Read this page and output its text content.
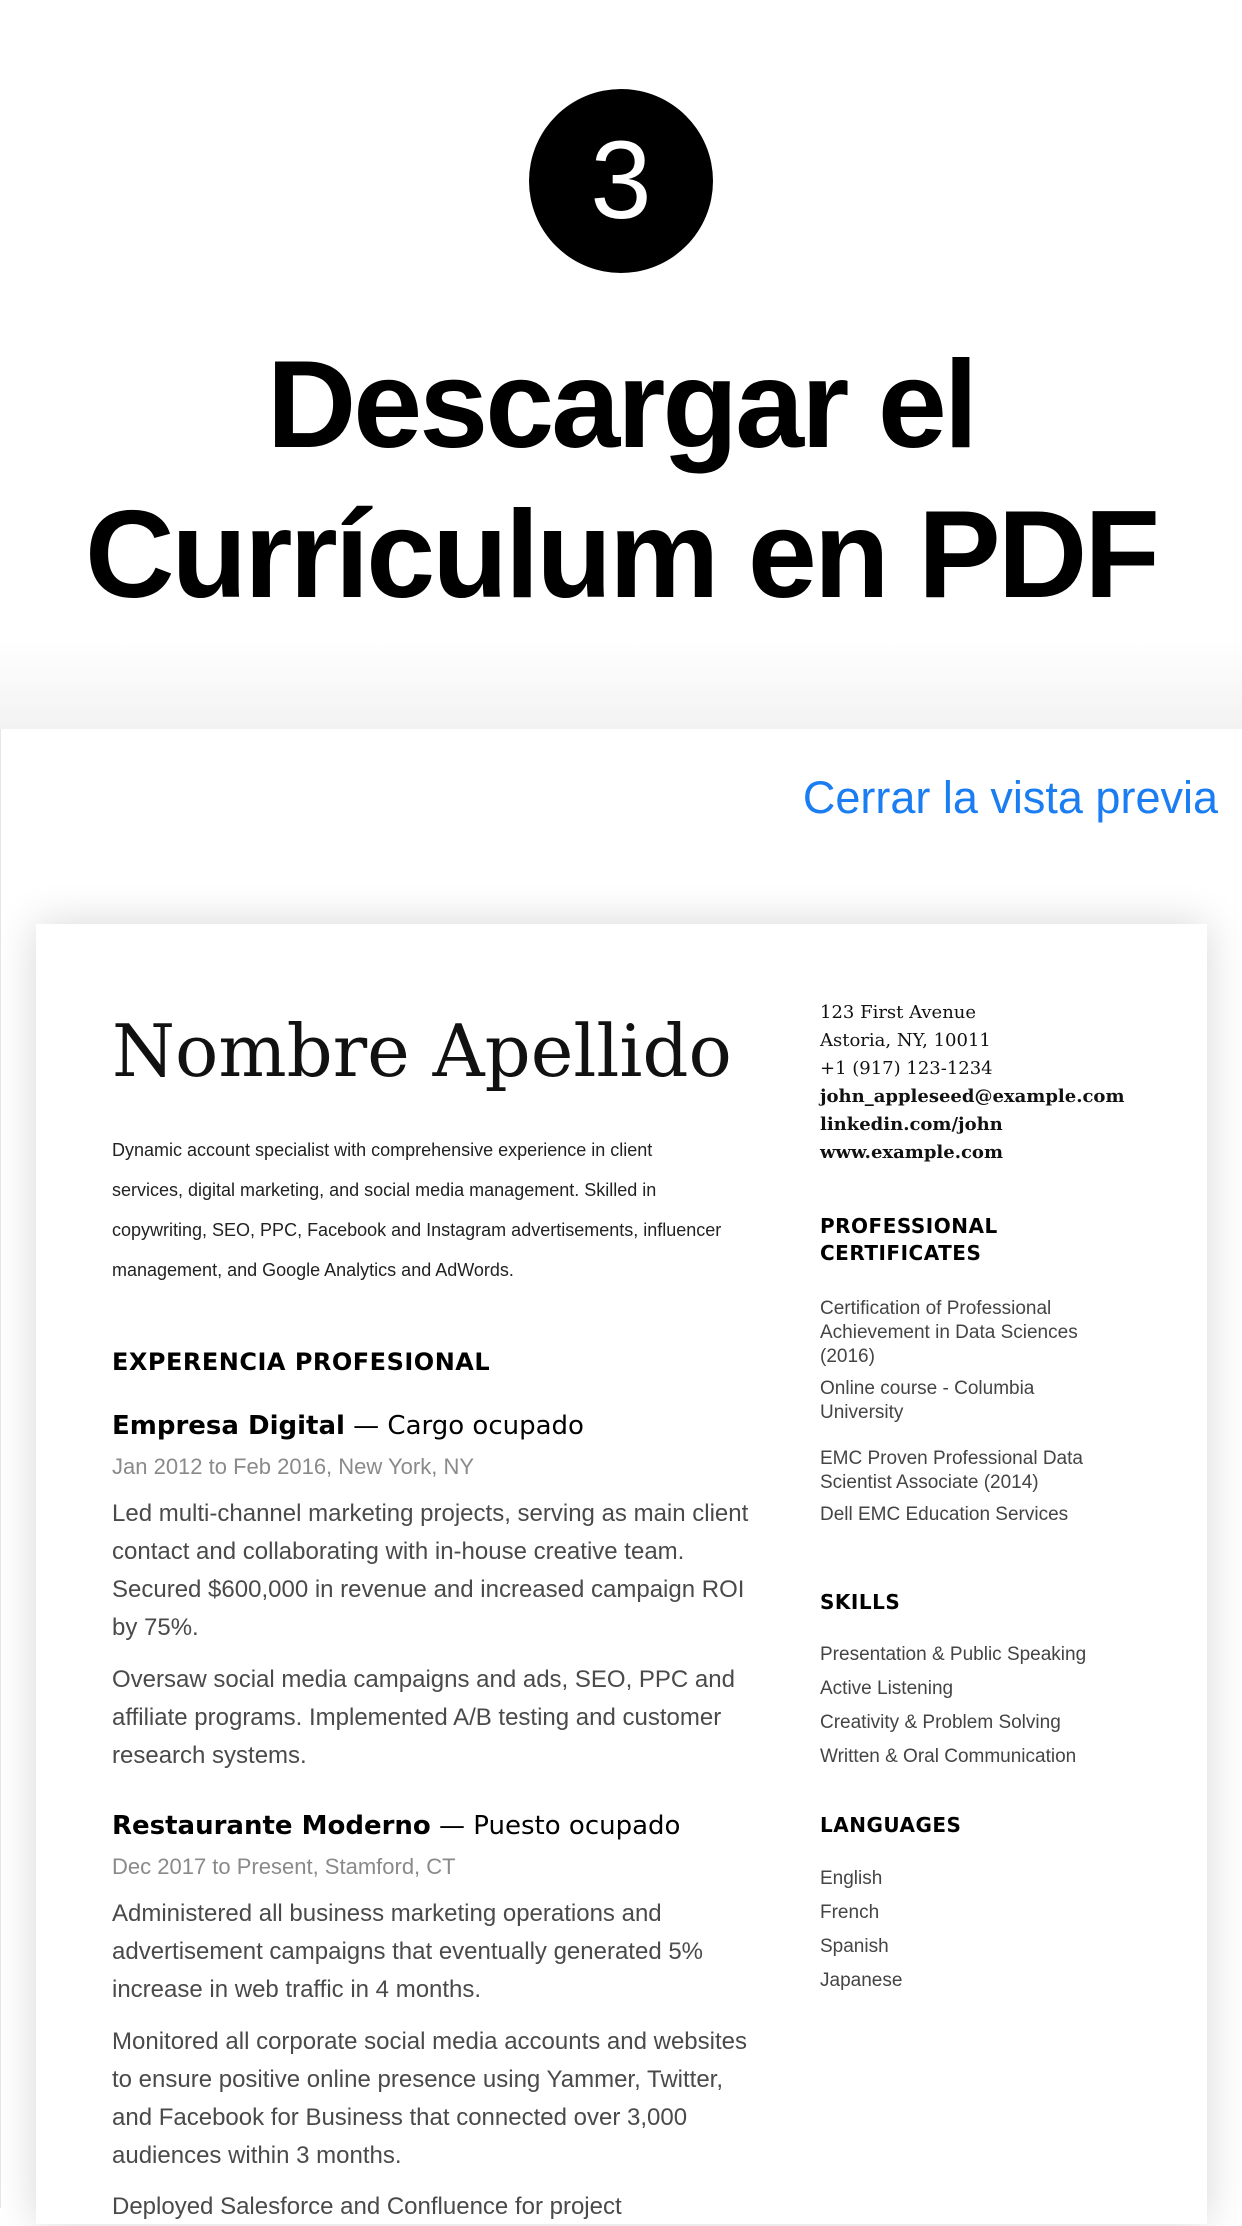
3
Descargar el
Currículum en PDF
Cerrar la vista previa
Nombre Apellido

Dynamic account specialist with comprehensive experience in client services, digital marketing, and social media management. Skilled in copywriting, SEO, PPC, Facebook and Instagram advertisements, influencer management, and Google Analytics and AdWords.

EXPERENCIA PROFESIONAL
Empresa Digital — Cargo ocupado
Jan 2012 to Feb 2016, New York, NY

Led multi-channel marketing projects, serving as main client contact and collaborating with in-house creative team. Secured $600,000 in revenue and increased campaign ROI by 75%.

Oversaw social media campaigns and ads, SEO, PPC and affiliate programs. Implemented A/B testing and customer research systems.

Restaurante Moderno — Puesto ocupado
Dec 2017 to Present, Stamford, CT

Administered all business marketing operations and advertisement campaigns that eventually generated 5% increase in web traffic in 4 months.

Monitored all corporate social media accounts and websites to ensure positive online presence using Yammer, Twitter, and Facebook for Business that connected over 3,000 audiences within 3 months.

Deployed Salesforce and Confluence for project

123 First Avenue
Astoria, NY, 10011
+1 (917) 123-1234
john_appleseed@example.com
linkedin.com/john
www.example.com
PROFESSIONAL
CERTIFICATES
Certification of Professional Achievement in Data Sciences (2016)
Online course - Columbia University
EMC Proven Professional Data Scientist Associate (2014)
Dell EMC Education Services
SKILLS
Presentation & Public Speaking
Active Listening
Creativity & Problem Solving
Written & Oral Communication
LANGUAGES
English
French
Spanish
Japanese
